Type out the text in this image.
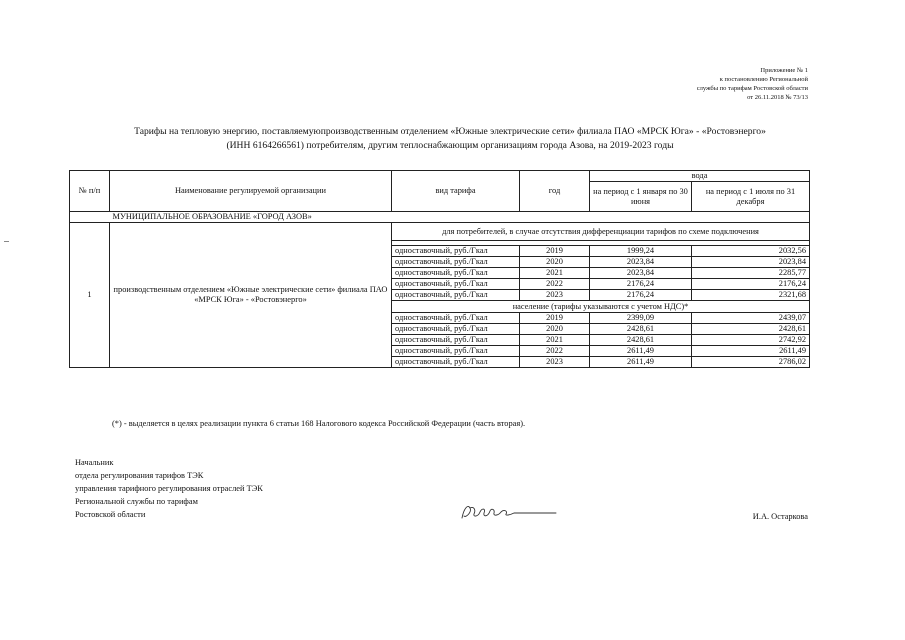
Приложение № 1
к постановлению Региональной
службы по тарифам Ростовской области
от 26.11.2018 № 73/13
Тарифы на тепловую энергию, поставляемуюпроизводственным отделением «Южные электрические сети» филиала ПАО «МРСК Юга» - «Ростовэнерго»
(ИНН 6164266561) потребителям, другим теплоснабжающим организациям города Азова, на 2019-2023 годы
№ п/п	Наименование регулируемой организации	вид тарифа	год	вода	
				на период с 1 января по 30 июня	на период с 1 июля по 31 декабря
	МУНИЦИПАЛЬНОЕ ОБРАЗОВАНИЕ «ГОРОД АЗОВ»				
1	производственным отделением «Южные электрические сети» филиала ПАО «МРСК Юга» - «Ростовэнерго»	для потребителей, в случае отсутствия дифференциации тарифов по схеме подключения			

		одноставочный, руб./Гкал	2019	1999,24	2032,56
		одноставочный, руб./Гкал	2020	2023,84	2023,84
		одноставочный, руб./Гкал	2021	2023,84	2285,77
		одноставочный, руб./Гкал	2022	2176,24	2176,24
		одноставочный, руб./Гкал	2023	2176,24	2321,68
		население (тарифы указываются с учетом НДС)*			
		одноставочный, руб./Гкал	2019	2399,09	2439,07
		одноставочный, руб./Гкал	2020	2428,61	2428,61
		одноставочный, руб./Гкал	2021	2428,61	2742,92
		одноставочный, руб./Гкал	2022	2611,49	2611,49
		одноставочный, руб./Гкал	2023	2611,49	2786,02
(*) - выделяется в целях реализации пункта 6 статьи 168 Налогового кодекса Российской Федерации (часть вторая).
Начальник
отдела регулирования тарифов ТЭК
управления тарифного регулирования отраслей ТЭК
Региональной службы по тарифам
Ростовской области	И.А. Остаркова
